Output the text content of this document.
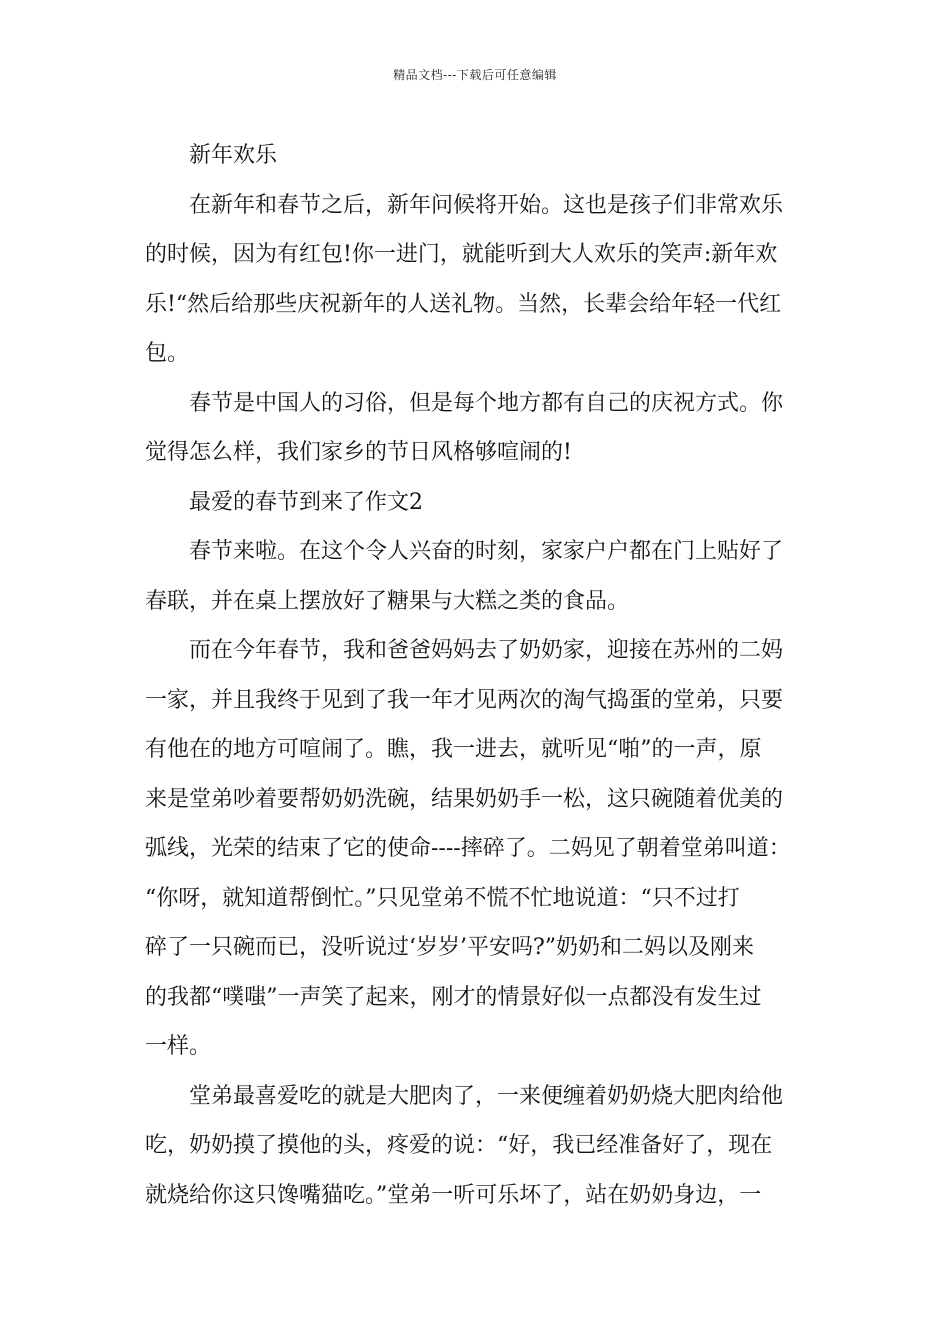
精品文档---下载后可任意编辑
新年欢乐
在新年和春节之后，新年问候将开始。这也是孩子们非常欢乐
的时候，因为有红包!你一进门，就能听到大人欢乐的笑声:新年欢
乐!“然后给那些庆祝新年的人送礼物。当然，长辈会给年轻一代红
包。
春节是中国人的习俗，但是每个地方都有自己的庆祝方式。你
觉得怎么样，我们家乡的节日风格够喧闹的!
最爱的春节到来了作文2
春节来啦。在这个令人兴奋的时刻，家家户户都在门上贴好了
春联，并在桌上摆放好了糖果与大糕之类的食品。
而在今年春节，我和爸爸妈妈去了奶奶家，迎接在苏州的二妈
一家，并且我终于见到了我一年才见两次的淘气捣蛋的堂弟，只要
有他在的地方可喧闹了。瞧，我一进去，就听见“啪”的一声，原
来是堂弟吵着要帮奶奶洗碗，结果奶奶手一松，这只碗随着优美的
弧线，光荣的结束了它的使命----摔碎了。二妈见了朝着堂弟叫道：
“你呀，就知道帮倒忙。”只见堂弟不慌不忙地说道：“只不过打
碎了一只碗而已，没听说过‘岁岁’平安吗?”奶奶和二妈以及刚来
的我都“噗嗤”一声笑了起来，刚才的情景好似一点都没有发生过
一样。
堂弟最喜爱吃的就是大肥肉了，一来便缠着奶奶烧大肥肉给他
吃，奶奶摸了摸他的头，疼爱的说：“好，我已经准备好了，现在
就烧给你这只馋嘴猫吃。”堂弟一听可乐坏了，站在奶奶身边，一
